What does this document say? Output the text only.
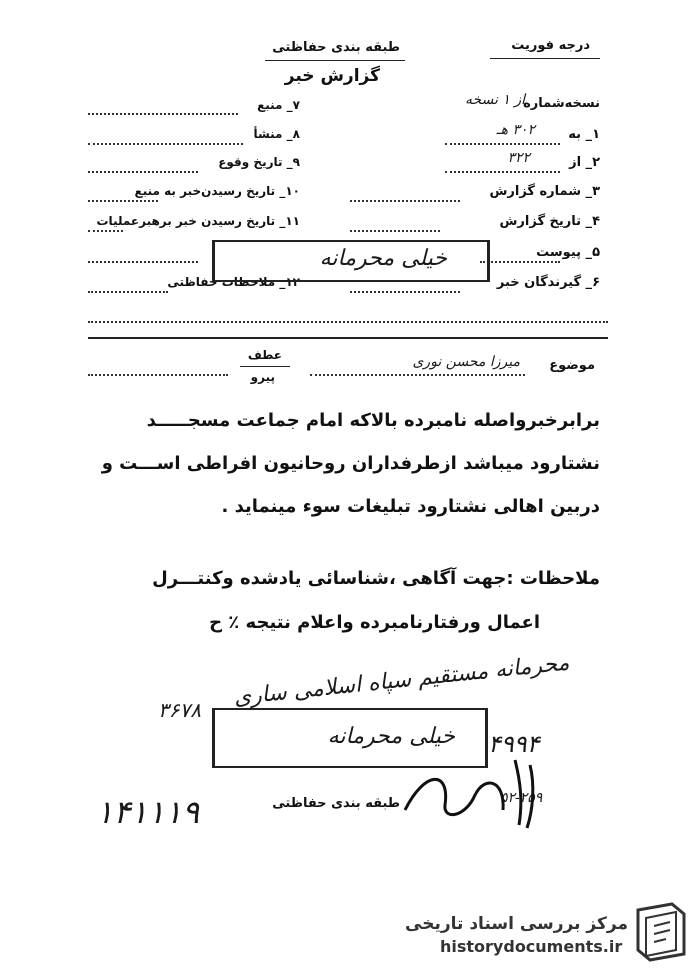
درجه فوریت
طبقه بندی حفاظتی
گزارش خبر
نسخه‌شماره
از ۱ نسخه
۱_ به
۳۰۲ هـ
۲_ از
۳۲۲
۳_ شماره گزارش
۴_ تاریخ گزارش
۵_ پیوست
۶_ گیرندگان خبر
۷_ منبع
۸_ منشأ
۹_ تاریخ وقوع
۱۰_ تاریخ رسیدن‌خبر به منبع
۱۱_ تاریخ رسیدن خبر برهبرعملیات
۱۲_ ملاحظات حفاظتی
خیلی محرمانه
موضوع
میرزا محسن نوری
عطف
پیرو
برابرخبرواصله نامبرده بالاکه امام جماعت مسجـــــد
نشتارود میباشد ازطرفداران روحانیون افراطی اســـت و
دربین اهالی نشتارود تبلیغات سوء مینماید .
ملاحظات :جهت آگاهی ،شناسائی یادشده وکنتـــرل
اعمال ورفتارنامبرده واعلام نتیجه ٪ ح
محرمانه مستقیم سپاه اسلامی ساری
۳۶۷۸
۴۹۹۴
خیلی محرمانه
۵۲-۲۵۹
۱۴۱۱۱۹	طبقه بندی حفاظتی
مرکز بررسی اسناد تاریخی
historydocuments.ir
